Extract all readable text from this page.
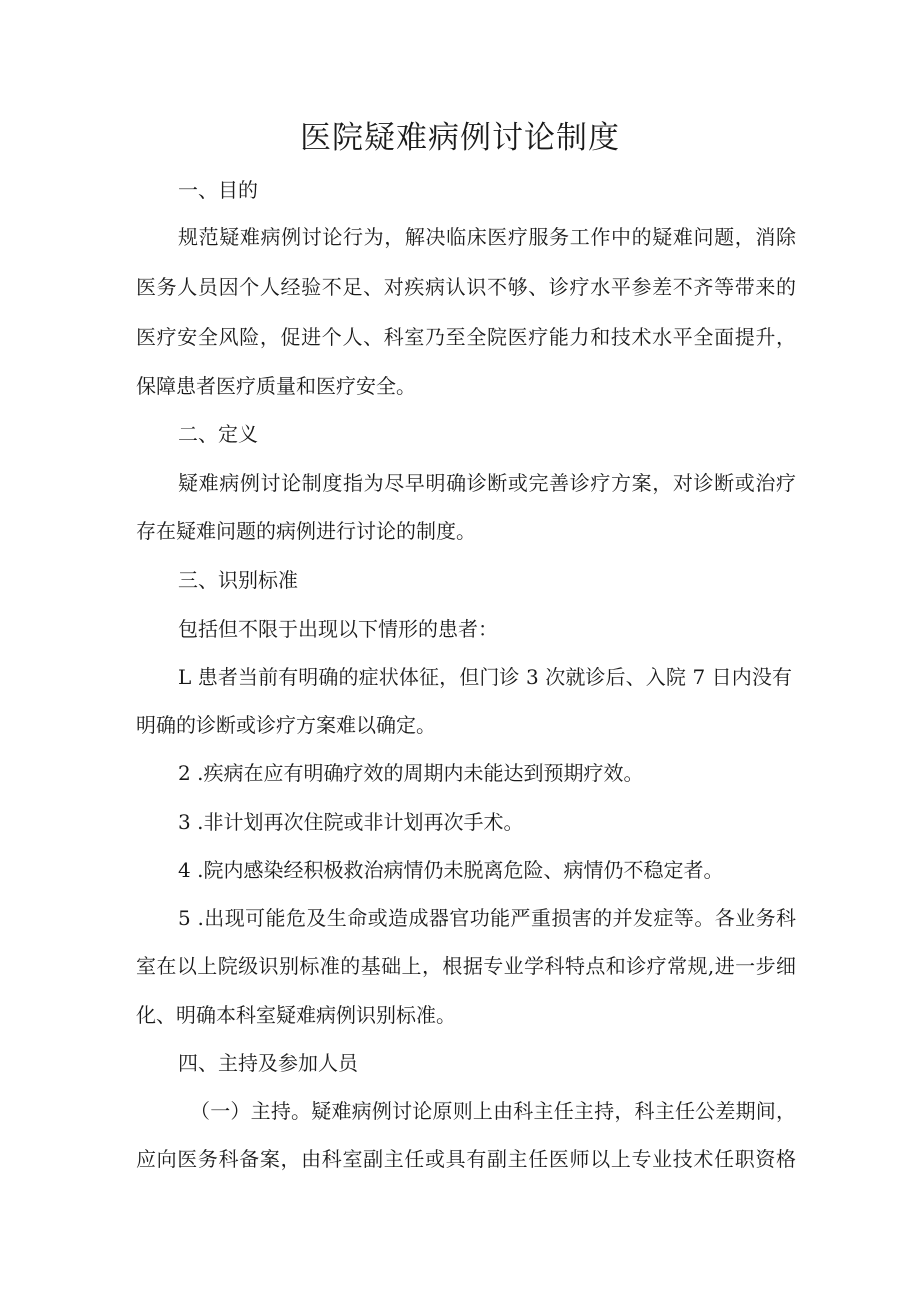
医院疑难病例讨论制度

一、目的

规范疑难病例讨论行为，解决临床医疗服务工作中的疑难问题，消除

医务人员因个人经验不足、对疾病认识不够、诊疗水平参差不齐等带来的

医疗安全风险，促进个人、科室乃至全院医疗能力和技术水平全面提升，

保障患者医疗质量和医疗安全。

二、定义

疑难病例讨论制度指为尽早明确诊断或完善诊疗方案，对诊断或治疗

存在疑难问题的病例进行讨论的制度。

三、识别标准

包括但不限于出现以下情形的患者：

L 患者当前有明确的症状体征，但门诊 3 次就诊后、入院 7 日内没有

明确的诊断或诊疗方案难以确定。

2 .疾病在应有明确疗效的周期内未能达到预期疗效。

3 .非计划再次住院或非计划再次手术。

4 .院内感染经积极救治病情仍未脱离危险、病情仍不稳定者。

5 .出现可能危及生命或造成器官功能严重损害的并发症等。各业务科

室在以上院级识别标准的基础上，根据专业学科特点和诊疗常规,进一步细

化、明确本科室疑难病例识别标准。

四、主持及参加人员

（一）主持。疑难病例讨论原则上由科主任主持，科主任公差期间，

应向医务科备案，由科室副主任或具有副主任医师以上专业技术任职资格
